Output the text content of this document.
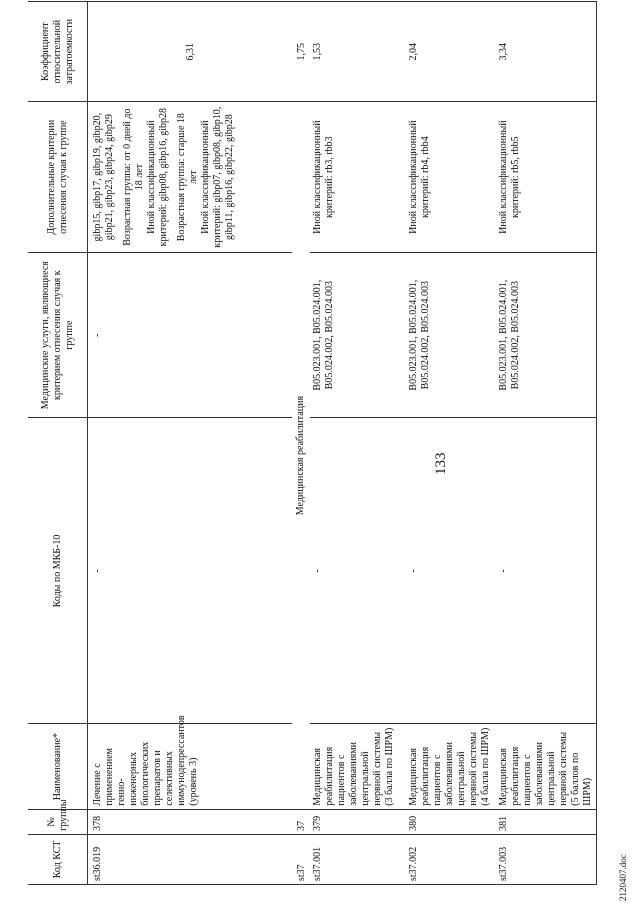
133
Код КСТ	№ группы	Наименование*	Коды по МКБ-10	Медицинские услуги, являющиеся критерием отнесения случая к группе	Дополнительные критерии отнесения случая к группе	Коэффициент относительной затратоемкости
st36.019	378	Лечение с применением генно-инженерных биологических препаратов и селективных иммунодепрессантов (уровень 3)	-	-	gibp15, gibp17, gibp19, gibp20, gibp21, gibp23, gibp24, gibp29 Возрастная группа: от 0 дней до 18 лет Иной классификационный критерий: gibp08, gibp16, gibp28 Возрастная группа: старше 18 лет Иной классификационный критерий: gibp07, gibp08, gibp10, gibp11, gibp16, gibp22, gibp28	6,31
st37	37	Медицинская реабилитация				1,75
st37.001	379	Медицинская реабилитация пациентов с заболеваниями центральной нервной системы (3 балла по ШРМ)	-	B05.023.001, B05.024.001, B05.024.002, B05.024.003	Иной классификационный критерий: rb3, rbb3	1,53
st37.002	380	Медицинская реабилитация пациентов с заболеваниями центральной нервной системы (4 балла по ШРМ)	-	B05.023.001, B05.024.001, B05.024.002, B05.024.003	Иной классификационный критерий: rb4, rbb4	2,04
st37.003	381	Медицинская реабилитация пациентов с заболеваниями центральной нервной системы (5 баллов по ШРМ)	-	B05.023.001, B05.024.001, B05.024.002, B05.024.003	Иной классификационный критерий: rb5, rbb5	3,34
2120407.doc
